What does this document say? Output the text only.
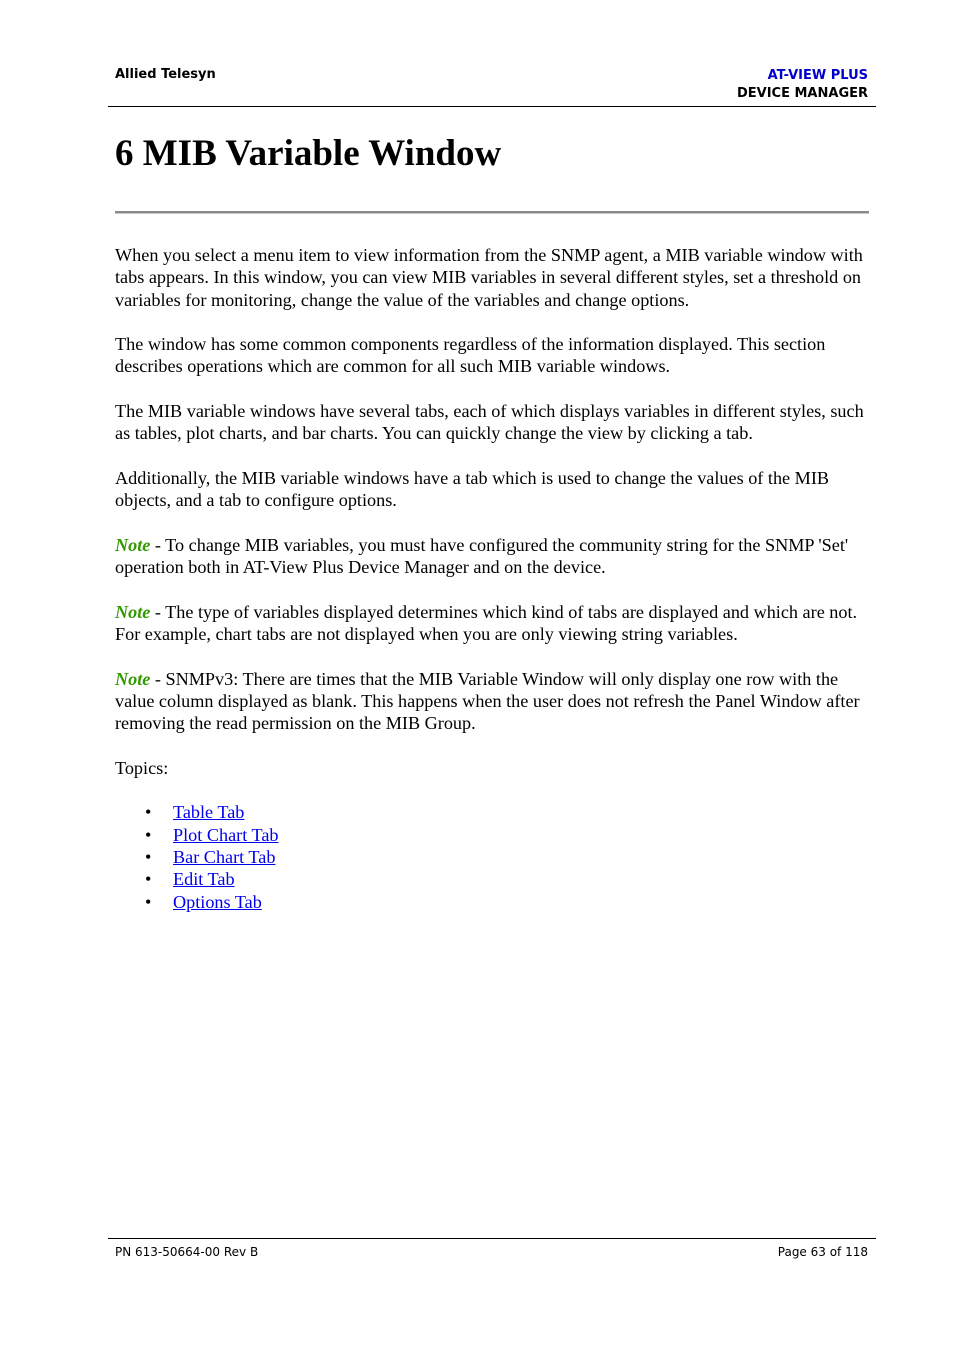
Allied Telesyn	AT-VIEW PLUS
DEVICE MANAGER
6 MIB Variable Window

When you select a menu item to view information from the SNMP agent, a MIB variable window with tabs appears. In this window, you can view MIB variables in several different styles, set a threshold on variables for monitoring, change the value of the variables and change options.

The window has some common components regardless of the information displayed. This section describes operations which are common for all such MIB variable windows.

The MIB variable windows have several tabs, each of which displays variables in different styles, such as tables, plot charts, and bar charts. You can quickly change the view by clicking a tab.

Additionally, the MIB variable windows have a tab which is used to change the values of the MIB objects, and a tab to configure options.

Note - To change MIB variables, you must have configured the community string for the SNMP 'Set' operation both in AT-View Plus Device Manager and on the device.

Note - The type of variables displayed determines which kind of tabs are displayed and which are not. For example, chart tabs are not displayed when you are only viewing string variables.

Note - SNMPv3: There are times that the MIB Variable Window will only display one row with the value column displayed as blank. This happens when the user does not refresh the Panel Window after removing the read permission on the MIB Group.

Topics:

• Table Tab
• Plot Chart Tab
• Bar Chart Tab
• Edit Tab
• Options Tab
PN 613-50664-00 Rev B	Page 63 of 118
